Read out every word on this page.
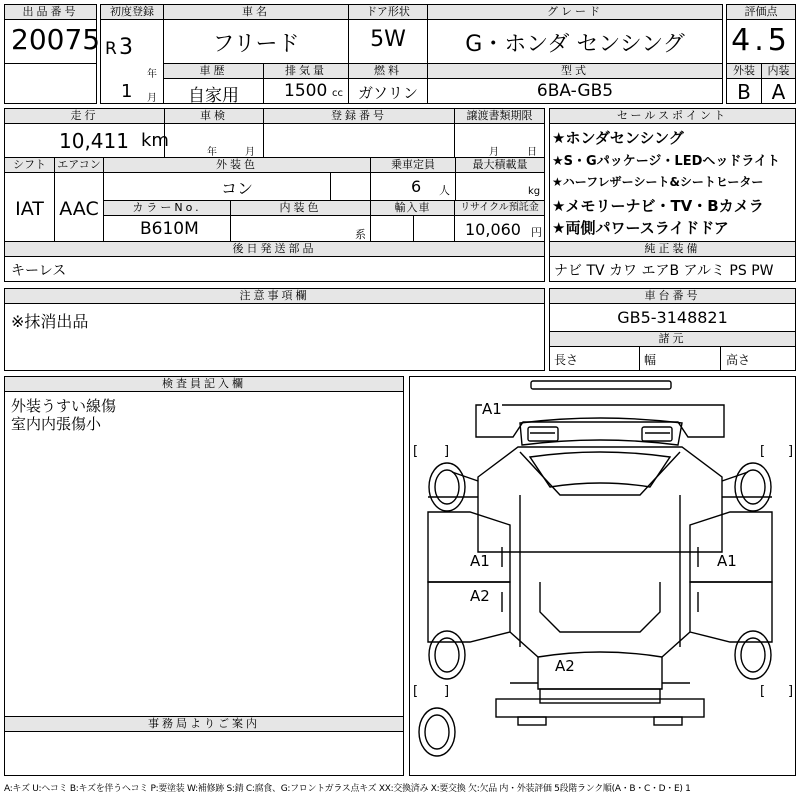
出品番号
20075
初度登録
R 3
年
1 月
車名
フリード
ドア形状
5W
グレード
G・ホンダ センシング
評価点
4.5
車歴
自家用
排気量
1500 cc
燃料
ガソリン
型式
6BA-GB5
外装
B
内装
A
走行
10,411 km
車検
年	月
登録番号	譲渡書類期限
月	日
シフト
IAT
エアコン
AAC
外装色
コン
乗車定員
6 人
最大積載量
kg
カラーNo.
B610M
内装色
系
輸入車	リサイクル預託金
10,060 円
後日発送部品
キーレス
セールスポイント
★ホンダセンシング
★S・Gパッケージ・LEDヘッドライト
★ハーフレザーシート&シートヒーター
★メモリーナビ・TV・Bカメラ
★両側パワースライドドア
純正装備
ナビ TV カワ エアB アルミ PS PW
注意事項欄
※抹消出品
車台番号
GB5-3148821
諸元
長さ	幅	高さ
検査員記入欄
外装うすい線傷
室内内張傷小
事務局よりご案内
[ ]	[ ]
[ ]	[ ]
A1
A1	A1
A2
A2
A:キズ U:ヘコミ B:キズを伴うヘコミ P:要塗装 W:補修跡 S:錆 C:腐食、G:フロントガラス点キズ XX:交換済み X:要交換 欠:欠品 内・外装評価 5段階ランク順(A・B・C・D・E) 1
